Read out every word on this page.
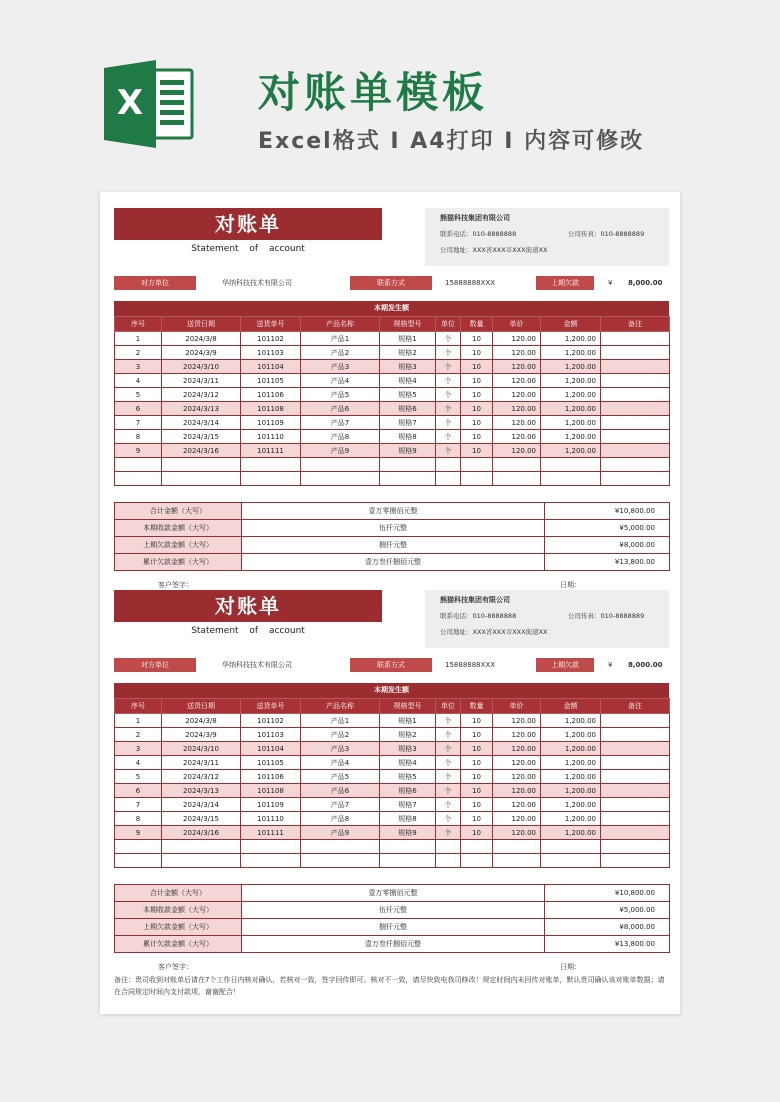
X	对账单模板
Excel格式 I A4打印 I 内容可修改
对账单
Statement of account
熊猫科技集团有限公司
联系电话：010-8888888	公司传真：010-8888889
公司地址：XXX省XXX市XXX街道XX
对方单位	华纳科技技术有限公司	联系方式	15888888XXX	上期欠款	¥ 8,000.00
本期发生额
序号	送货日期	送货单号	产品名称	规格型号	单位	数量	单价	金额	备注
1	2024/3/8	101102	产品1	规格1	个	10	120.00	1,200.00	
2	2024/3/9	101103	产品2	规格2	个	10	120.00	1,200.00	
3	2024/3/10	101104	产品3	规格3	个	10	120.00	1,200.00	
4	2024/3/11	101105	产品4	规格4	个	10	120.00	1,200.00	
5	2024/3/12	101106	产品5	规格5	个	10	120.00	1,200.00	
6	2024/3/13	101108	产品6	规格6	个	10	120.00	1,200.00	
7	2024/3/14	101109	产品7	规格7	个	10	120.00	1,200.00	
8	2024/3/15	101110	产品8	规格8	个	10	120.00	1,200.00	
9	2024/3/16	101111	产品9	规格9	个	10	120.00	1,200.00	

合计金额（大写）	壹万零捌佰元整	¥10,800.00
本期收款金额（大写）	伍仟元整	¥5,000.00
上期欠款金额（大写）	捌仟元整	¥8,000.00
累计欠款金额（大写）	壹万叁仟捌佰元整	¥13,800.00
客户签字：	日期：
对账单
Statement of account
熊猫科技集团有限公司
联系电话：010-8888888	公司传真：010-8888889
公司地址：XXX省XXX市XXX街道XX
对方单位	华纳科技技术有限公司	联系方式	15888888XXX	上期欠款	¥ 8,000.00
本期发生额
序号	送货日期	送货单号	产品名称	规格型号	单位	数量	单价	金额	备注
1	2024/3/8	101102	产品1	规格1	个	10	120.00	1,200.00	
2	2024/3/9	101103	产品2	规格2	个	10	120.00	1,200.00	
3	2024/3/10	101104	产品3	规格3	个	10	120.00	1,200.00	
4	2024/3/11	101105	产品4	规格4	个	10	120.00	1,200.00	
5	2024/3/12	101106	产品5	规格5	个	10	120.00	1,200.00	
6	2024/3/13	101108	产品6	规格6	个	10	120.00	1,200.00	
7	2024/3/14	101109	产品7	规格7	个	10	120.00	1,200.00	
8	2024/3/15	101110	产品8	规格8	个	10	120.00	1,200.00	
9	2024/3/16	101111	产品9	规格9	个	10	120.00	1,200.00	

合计金额（大写）	壹万零捌佰元整	¥10,800.00
本期收款金额（大写）	伍仟元整	¥5,000.00
上期欠款金额（大写）	捌仟元整	¥8,000.00
累计欠款金额（大写）	壹万叁仟捌佰元整	¥13,800.00
客户签字：	日期：
备注：贵司收到对账单后请在7个工作日内核对确认，若核对一致，签字回传即可。核对不一致，请尽快致电我司修改！规定时间内未回传对账单，默认贵司确认该对账单数据；请在合同规定时间内支付款项，谢谢配合！
